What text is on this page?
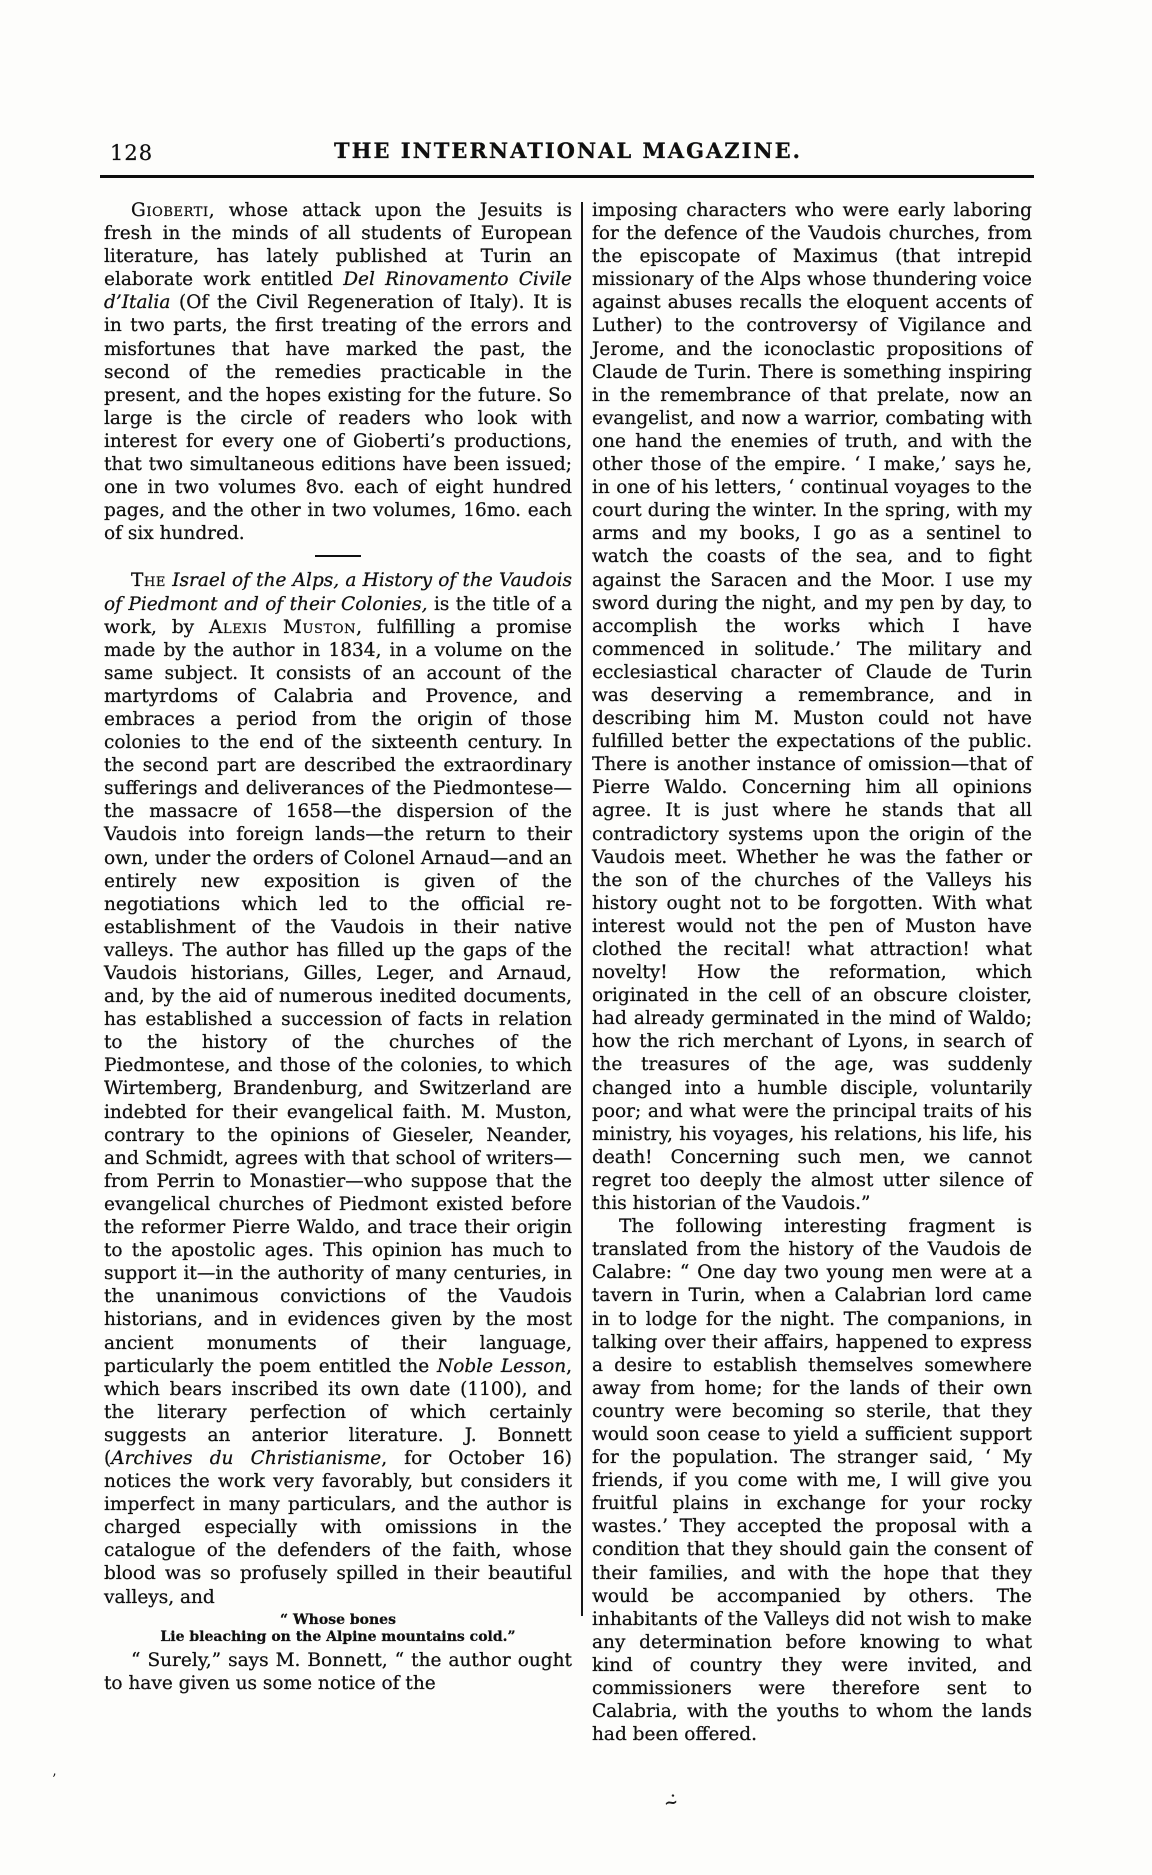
128	THE INTERNATIONAL MAGAZINE.

Gioberti, whose attack upon the Jesuits is fresh in the minds of all students of European literature, has lately published at Turin an elaborate work entitled Del Rinovamento Civile d’Italia (Of the Civil Regeneration of Italy). It is in two parts, the first treating of the errors and misfortunes that have marked the past, the second of the remedies practicable in the present, and the hopes existing for the future. So large is the circle of readers who look with interest for every one of Gioberti’s productions, that two simultaneous editions have been issued; one in two volumes 8vo. each of eight hundred pages, and the other in two volumes, 16mo. each of six hundred.

The Israel of the Alps, a History of the Vaudois of Piedmont and of their Colonies, is the title of a work, by Alexis Muston, fulfilling a promise made by the author in 1834, in a volume on the same subject. It consists of an account of the martyrdoms of Calabria and Provence, and embraces a period from the origin of those colonies to the end of the sixteenth century. In the second part are described the extraordinary sufferings and deliverances of the Piedmontese—the massacre of 1658—the dispersion of the Vaudois into foreign lands—the return to their own, under the orders of Colonel Arnaud—and an entirely new exposition is given of the negotiations which led to the official re-establishment of the Vaudois in their native valleys. The author has filled up the gaps of the Vaudois historians, Gilles, Leger, and Arnaud, and, by the aid of numerous inedited documents, has established a succession of facts in relation to the history of the churches of the Piedmontese, and those of the colonies, to which Wirtemberg, Brandenburg, and Switzerland are indebted for their evangelical faith. M. Muston, contrary to the opinions of Gieseler, Neander, and Schmidt, agrees with that school of writers—from Perrin to Monastier—who suppose that the evangelical churches of Piedmont existed before the reformer Pierre Waldo, and trace their origin to the apostolic ages. This opinion has much to support it—in the authority of many centuries, in the unanimous convictions of the Vaudois historians, and in evidences given by the most ancient monuments of their language, particularly the poem entitled the Noble Lesson, which bears inscribed its own date (1100), and the literary perfection of which certainly suggests an anterior literature. J. Bonnett (Archives du Christianisme, for October 16) notices the work very favorably, but considers it imperfect in many particulars, and the author is charged especially with omissions in the catalogue of the defenders of the faith, whose blood was so profusely spilled in their beautiful valleys, and

“ Whose bones
Lie bleaching on the Alpine mountains cold.”

“ Surely,” says M. Bonnett, “ the author ought to have given us some notice of the

imposing characters who were early laboring for the defence of the Vaudois churches, from the episcopate of Maximus (that intrepid missionary of the Alps whose thundering voice against abuses recalls the eloquent accents of Luther) to the controversy of Vigilance and Jerome, and the iconoclastic propositions of Claude de Turin. There is something inspiring in the remembrance of that prelate, now an evangelist, and now a warrior, combating with one hand the enemies of truth, and with the other those of the empire. ‘ I make,’ says he, in one of his letters, ‘ continual voyages to the court during the winter. In the spring, with my arms and my books, I go as a sentinel to watch the coasts of the sea, and to fight against the Saracen and the Moor. I use my sword during the night, and my pen by day, to accomplish the works which I have commenced in solitude.’ The military and ecclesiastical character of Claude de Turin was deserving a remembrance, and in describing him M. Muston could not have fulfilled better the expectations of the public. There is another instance of omission—that of Pierre Waldo. Concerning him all opinions agree. It is just where he stands that all contradictory systems upon the origin of the Vaudois meet. Whether he was the father or the son of the churches of the Valleys his history ought not to be forgotten. With what interest would not the pen of Muston have clothed the recital! what attraction! what novelty! How the reformation, which originated in the cell of an obscure cloister, had already germinated in the mind of Waldo; how the rich merchant of Lyons, in search of the treasures of the age, was suddenly changed into a humble disciple, voluntarily poor; and what were the principal traits of his ministry, his voyages, his relations, his life, his death! Concerning such men, we cannot regret too deeply the almost utter silence of this historian of the Vaudois.”

The following interesting fragment is translated from the history of the Vaudois de Calabre: “ One day two young men were at a tavern in Turin, when a Calabrian lord came in to lodge for the night. The companions, in talking over their affairs, happened to express a desire to establish themselves somewhere away from home; for the lands of their own country were becoming so sterile, that they would soon cease to yield a sufficient support for the population. The stranger said, ‘ My friends, if you come with me, I will give you fruitful plains in exchange for your rocky wastes.’ They accepted the proposal with a condition that they should gain the consent of their families, and with the hope that they would be accompanied by others. The inhabitants of the Valleys did not wish to make any determination before knowing to what kind of country they were invited, and commissioners were therefore sent to Calabria, with the youths to whom the lands had been offered.

’
~̇
